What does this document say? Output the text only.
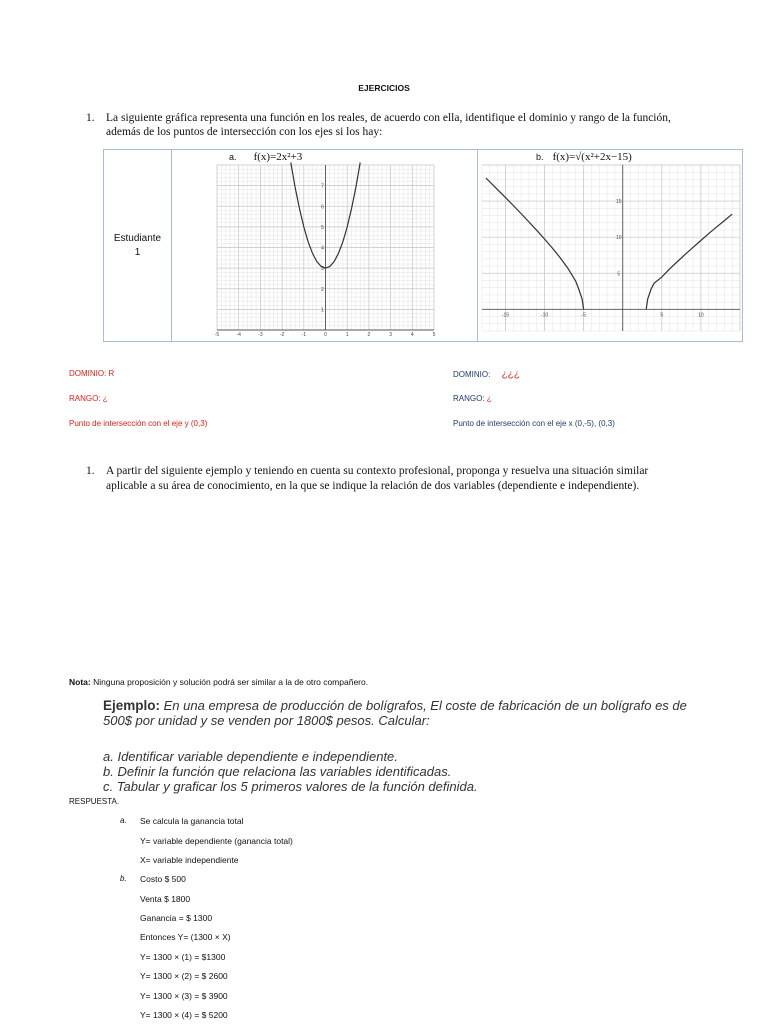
EJERCICIOS
1. La siguiente gráfica representa una función en los reales, de acuerdo con ella, identifique el dominio y rango de la función, además de los puntos de intersección con los ejes si los hay:
Estudiante
1

a. f(x)=2x²+3
-5	-4	-3	-2	-1	0	1	2	3	4	5
1
2
3
4
5
6
7

b. f(x)=√(x²+2x−15)
-15	-10	-5	5	10
5
10
15
DOMINIO: R
RANGO: ¿
Punto de intersección con el eje y (0,3)
DOMINIO: ¿¿¿
RANGO: ¿
Punto de intersección con el eje x (0,-5), (0,3)
1. A partir del siguiente ejemplo y teniendo en cuenta su contexto profesional, proponga y resuelva una situación similar aplicable a su área de conocimiento, en la que se indique la relación de dos variables (dependiente e independiente).
Nota: Ninguna proposición y solución podrá ser similar a la de otro compañero.
Ejemplo: En una empresa de producción de bolígrafos, El coste de fabricación de un bolígrafo es de 500$ por unidad y se venden por 1800$ pesos. Calcular:
a. Identificar variable dependiente e independiente.
b. Definir la función que relaciona las variables identificadas.
c. Tabular y graficar los 5 primeros valores de la función definida.
RESPUESTA.
a. Se calcula la ganancia total
Y= variable dependiente (ganancia total)
X= variable independiente
b. Costo $ 500
Venta $ 1800
Ganancia = $ 1300
Entonces Y= (1300 × X)
Y= 1300 × (1) = $1300
Y= 1300 × (2) = $ 2600
Y= 1300 × (3) = $ 3900
Y= 1300 × (4) = $ 5200
